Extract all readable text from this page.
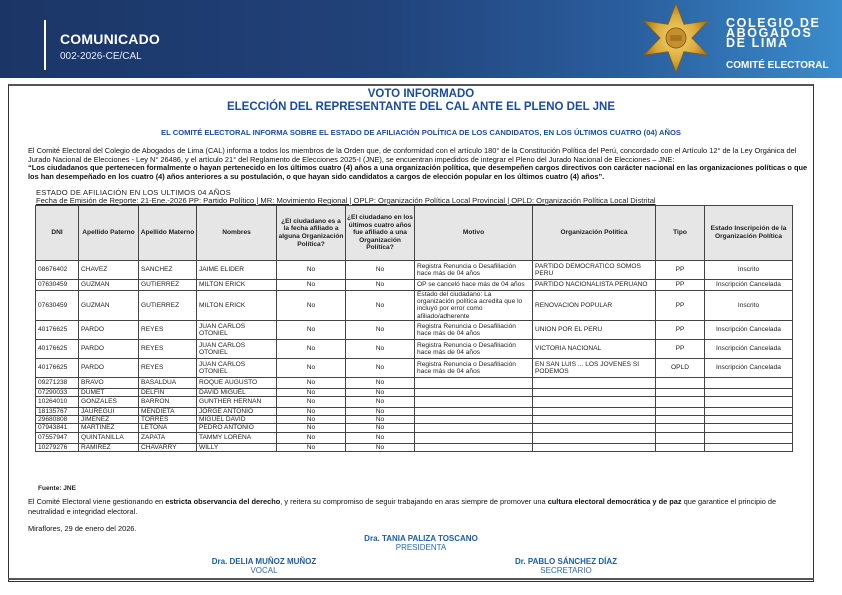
COMUNICADO
002-2026-CE/CAL
COLEGIO DE
ABOGADOS
DE LIMA
COMITÉ ELECTORAL
VOTO INFORMADO
ELECCIÓN DEL REPRESENTANTE DEL CAL ANTE EL PLENO DEL JNE
EL COMITÉ ELECTORAL INFORMA SOBRE EL ESTADO DE AFILIACIÓN POLÍTICA DE LOS CANDIDATOS, EN LOS ÚLTIMOS CUATRO (04) AÑOS
El Comité Electoral del Colegio de Abogados de Lima (CAL) informa a todos los miembros de la Orden que, de conformidad con el artículo 180° de la Constitución Política del Perú, concordado con el Artículo 12° de la Ley Orgánica del Jurado Nacional de Elecciones - Ley N° 26486, y el artículo 21° del Reglamento de Elecciones 2025-I (JNE), se encuentran impedidos de integrar el Pleno del Jurado Nacional de Elecciones – JNE:
“Los ciudadanos que pertenecen formalmente o hayan pertenecido en los últimos cuatro (4) años a una organización política, que desempeñen cargos directivos con carácter nacional en las organizaciones políticas o que los han desempeñado en los cuatro (4) años anteriores a su postulación, o que hayan sido candidatos a cargos de elección popular en los últimos cuatro (4) años”.
ESTADO DE AFILIACIÓN EN LOS ULTIMOS 04 AÑOS
Fecha de Emisión de Reporte: 21-Ene.-2026 PP: Partido Político | MR: Movimiento Regional | OPLP: Organización Política Local Provincial | OPLD: Organización Política Local Distrital
DNI	Apellido Paterno	Apellido Materno	Nombres	¿El ciudadano es a la fecha afiliado a alguna Organización Política?	¿El ciudadano en los últimos cuatro años fue afiliado a una Organización Política?	Motivo	Organización Política	Tipo	Estado Inscripción de la Organización Política
08676402	CHAVEZ	SANCHEZ	JAIME ELIDER	No	No	Registra Renuncia o Desafiliación hace más de 04 años	PARTIDO DEMOCRATICO SOMOS PERU	PP	Inscrito
07630459	GUZMAN	GUTIERREZ	MILTON ERICK	No	No	OP se canceló hace más de 04 años	PARTIDO NACIONALISTA PERUANO	PP	Inscripción Cancelada
07630459	GUZMAN	GUTIERREZ	MILTON ERICK	No	No	Estado del ciudadano: La organización política acredita que lo incluyó por error como afiliado/adherente	RENOVACION POPULAR	PP	Inscrito
40176625	PARDO	REYES	JUAN CARLOS OTONIEL	No	No	Registra Renuncia o Desafiliación hace más de 04 años	UNION POR EL PERU	PP	Inscripción Cancelada
40176625	PARDO	REYES	JUAN CARLOS OTONIEL	No	No	Registra Renuncia o Desafiliación hace más de 04 años	VICTORIA NACIONAL	PP	Inscripción Cancelada
40176625	PARDO	REYES	JUAN CARLOS OTONIEL	No	No	Registra Renuncia o Desafiliación hace más de 04 años	EN SAN LUIS ... LOS JOVENES SI PODEMOS	OPLD	Inscripción Cancelada
09271238	BRAVO	BASALDUA	ROQUE AUGUSTO	No	No				
07290033	DUMET	DELFIN	DAVID MIGUEL	No	No				
10264010	GONZALES	BARRON	GUNTHER HERNAN	No	No				
18135767	JAUREGUI	MENDIETA	JORGE ANTONIO	No	No				
29680808	JIMENEZ	TORRES	MIGUEL DAVID	No	No				
07943841	MARTINEZ	LETONA	PEDRO ANTONIO	No	No				
07557947	QUINTANILLA	ZAPATA	TAMMY LORENA	No	No				
10279276	RAMIREZ	CHAVARRY	WILLY	No	No				
Fuente: JNE
El Comité Electoral viene gestionando en estricta observancia del derecho, y reitera su compromiso de seguir trabajando en aras siempre de promover una cultura electoral democrática y de paz que garantice el principio de neutralidad e integridad electoral.
Miraflores, 29 de enero del 2026.
Dra. TANIA PALIZA TOSCANO
PRESIDENTA
Dra. DELIA MUÑOZ MUÑOZ
VOCAL
Dr. PABLO SÁNCHEZ DÍAZ
SECRETARIO
